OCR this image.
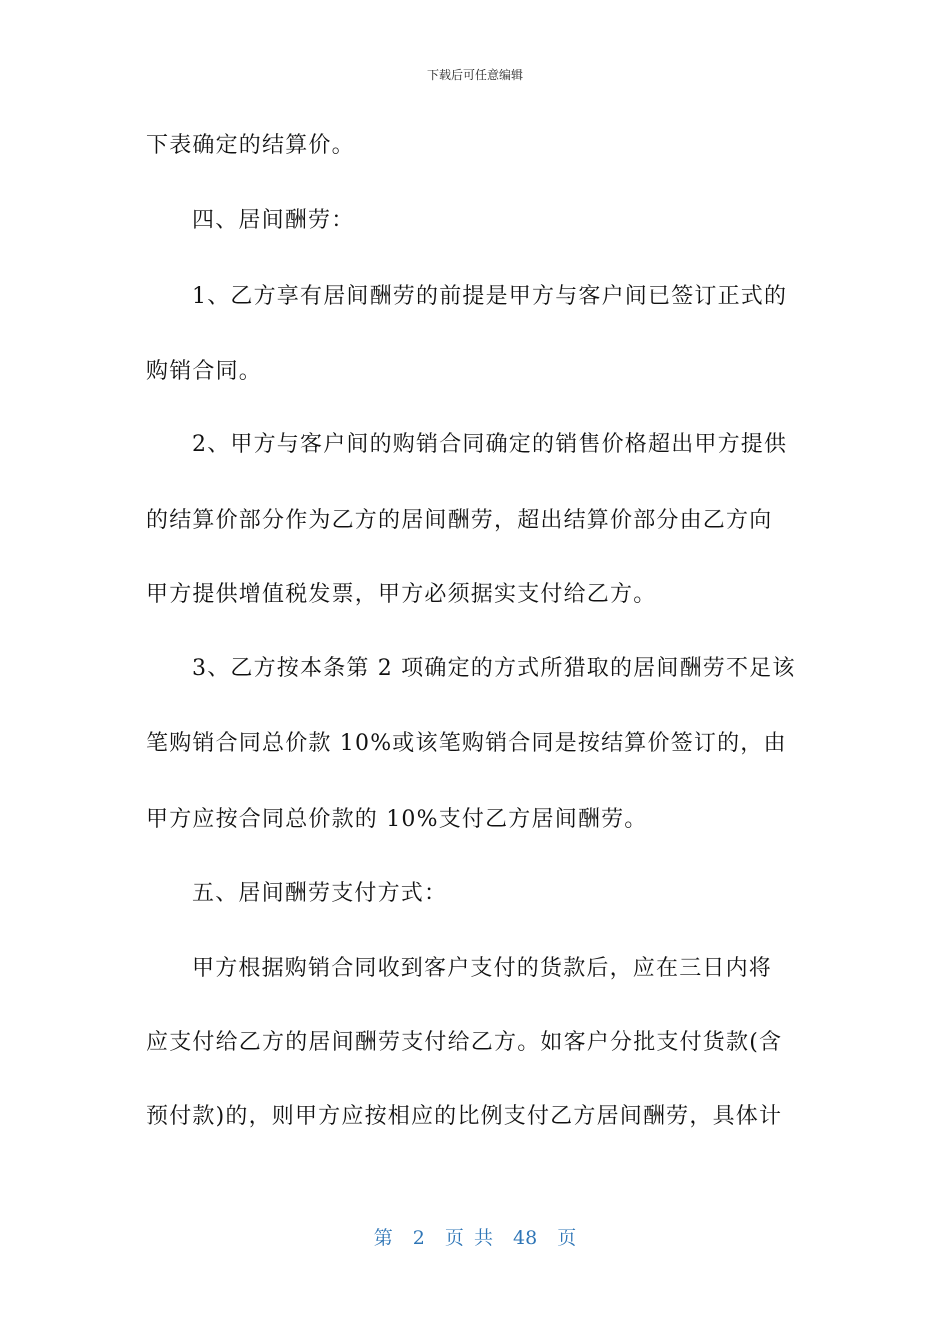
下载后可任意编辑
下表确定的结算价。
四、居间酬劳：
1、乙方享有居间酬劳的前提是甲方与客户间已签订正式的
购销合同。
2、甲方与客户间的购销合同确定的销售价格超出甲方提供
的结算价部分作为乙方的居间酬劳，超出结算价部分由乙方向
甲方提供增值税发票，甲方必须据实支付给乙方。
3、乙方按本条第 2 项确定的方式所猎取的居间酬劳不足该
笔购销合同总价款 10%或该笔购销合同是按结算价签订的，由
甲方应按合同总价款的 10%支付乙方居间酬劳。
五、居间酬劳支付方式：
甲方根据购销合同收到客户支付的货款后，应在三日内将
应支付给乙方的居间酬劳支付给乙方。如客户分批支付货款(含
预付款)的，则甲方应按相应的比例支付乙方居间酬劳，具体计
第 2 页 共 48 页
